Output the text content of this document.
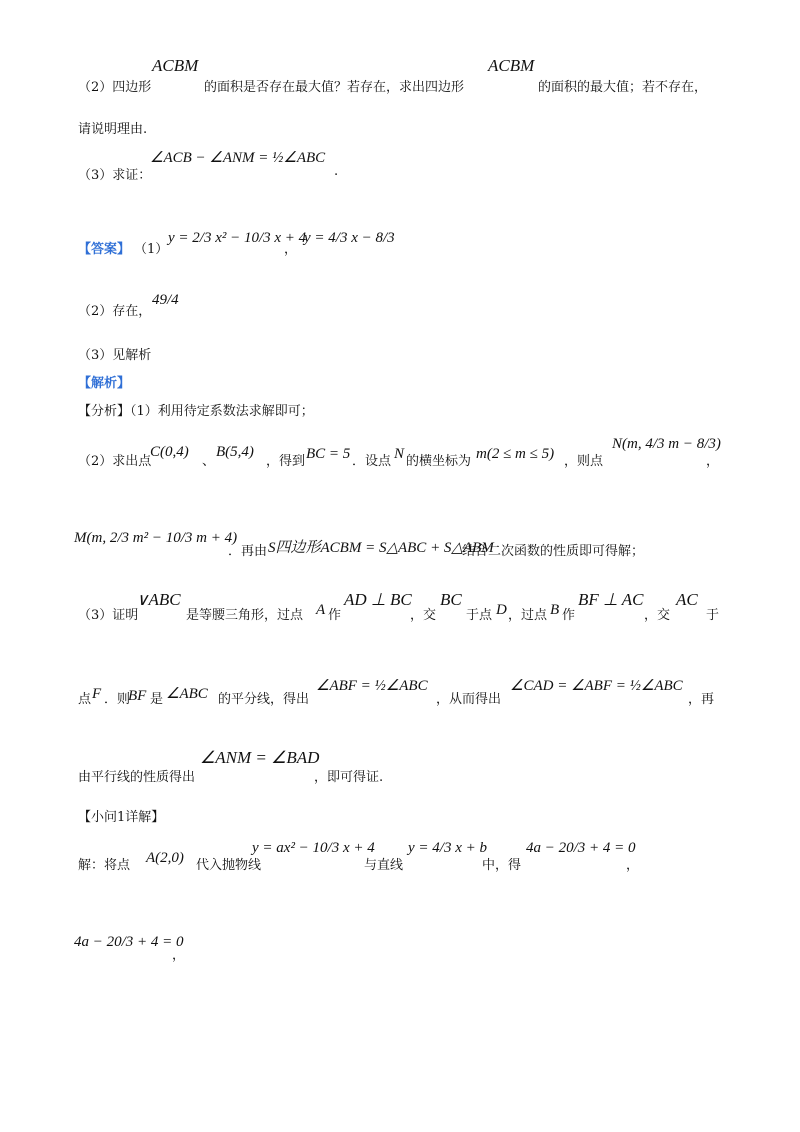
（2）四边形
ACBM
的面积是否存在最大值？若存在，求出四边形
ACBM
的面积的最大值；若不存在，
请说明理由.
（3）求证：
∠ACB − ∠ANM = ½∠ABC
.
【答案】 （1）
y = 2/3 x² − 10/3 x + 4
，
y = 4/3 x − 8/3
（2）存在，
49/4
（3）见解析
【解析】
【分析】（1）利用待定系数法求解即可；
（2）求出点
C(0,4)
、
B(5,4)
，得到 BC = 5 ．设点 N 的横坐标为 m(2 ≤ m ≤ 5) ，则点
N(m, 4/3 m − 8/3)
，
M(m, 2/3 m² − 10/3 m + 4)
．再由 S四边形ACBM = S△ABC + S△ABM
结合二次函数的性质即可得解；
（3）证明
∨ABC
是等腰三角形，过点 A 作
AD ⊥ BC
，交
BC
于点 D ，过点 B 作
BF ⊥ AC
，交
AC
于
点 F ．则
BF 是 ∠ABC 的平分线，得出
∠ABF = ½∠ABC
，从而得出
∠CAD = ∠ABF = ½∠ABC
，再
由平行线的性质得出
∠ANM = ∠BAD
，即可得证.
【小问1详解】
解：将点 A(2,0) 代入抛物线
y = ax² − 10/3 x + 4
与直线
y = 4/3 x + b
中，得
4a − 20/3 + 4 = 0
，
4a − 20/3 + 4 = 0
，
